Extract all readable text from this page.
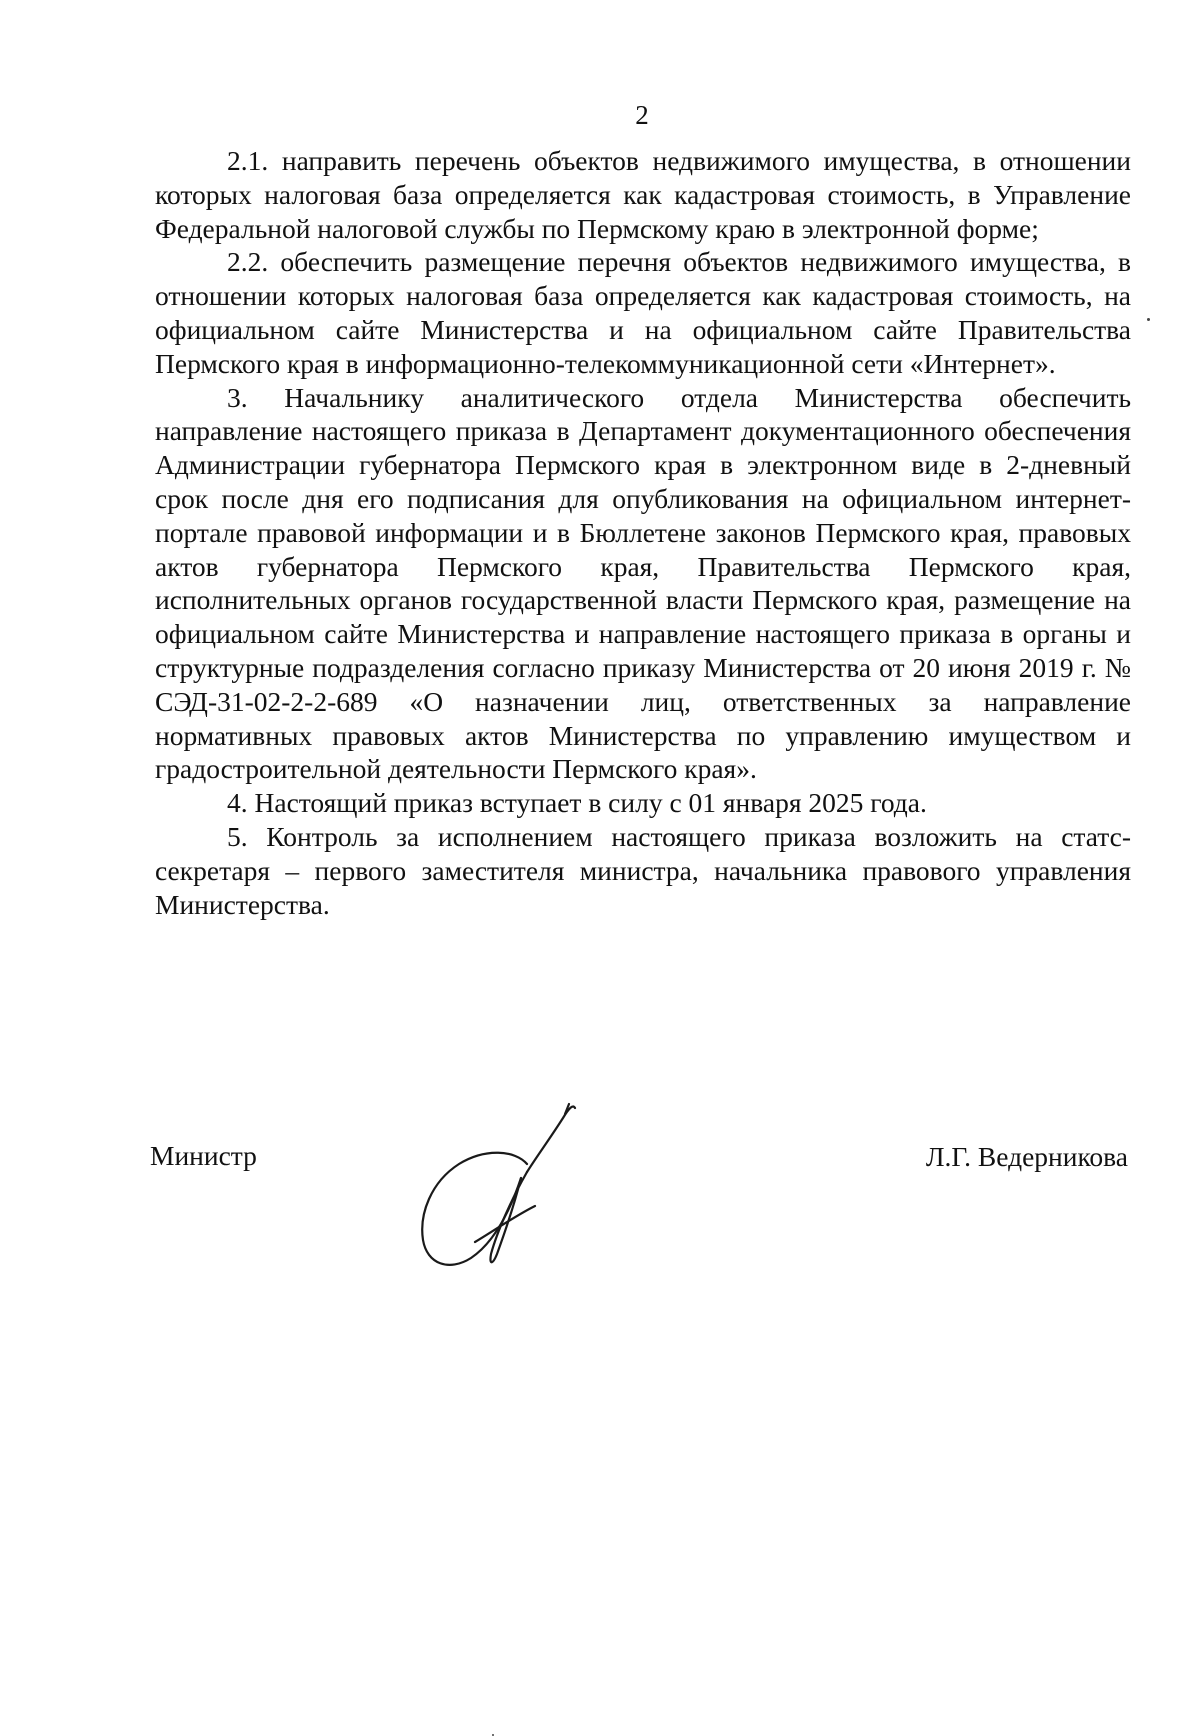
2

2.1. направить перечень объектов недвижимого имущества, в отношении которых налоговая база определяется как кадастровая стоимость, в Управление Федеральной налоговой службы по Пермскому краю в электронной форме;

2.2. обеспечить размещение перечня объектов недвижимого имущества, в отношении которых налоговая база определяется как кадастровая стоимость, на официальном сайте Министерства и на официальном сайте Правительства Пермского края в информационно-телекоммуникационной сети «Интернет».

3. Начальнику аналитического отдела Министерства обеспечить направление настоящего приказа в Департамент документационного обеспечения Администрации губернатора Пермского края в электронном виде в 2-дневный срок после дня его подписания для опубликования на официальном интернет-портале правовой информации и в Бюллетене законов Пермского края, правовых актов губернатора Пермского края, Правительства Пермского края, исполнительных органов государственной власти Пермского края, размещение на официальном сайте Министерства и направление настоящего приказа в органы и структурные подразделения согласно приказу Министерства от 20 июня 2019 г. № СЭД-31-02-2-2-689 «О назначении лиц, ответственных за направление нормативных правовых актов Министерства по управлению имуществом и градостроительной деятельности Пермского края».

4. Настоящий приказ вступает в силу с 01 января 2025 года.

5. Контроль за исполнением настоящего приказа возложить на статс-секретаря – первого заместителя министра, начальника правового управления Министерства.

Министр	Л.Г. Ведерникова
